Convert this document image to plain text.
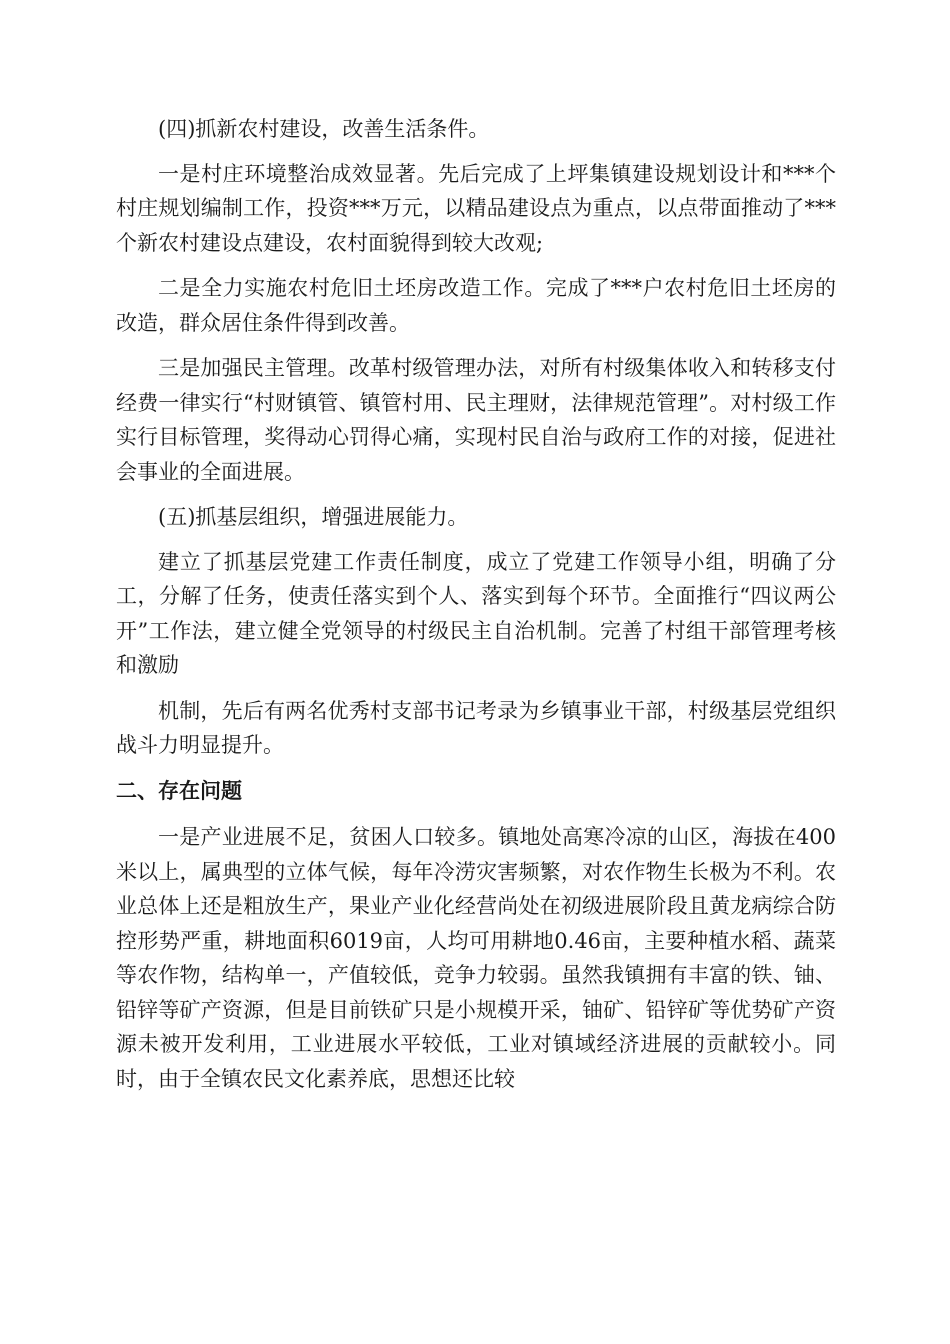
(四)抓新农村建设，改善生活条件。

一是村庄环境整治成效显著。先后完成了上坪集镇建设规划设计和***个村庄规划编制工作，投资***万元，以精品建设点为重点，以点带面推动了***个新农村建设点建设，农村面貌得到较大改观;

二是全力实施农村危旧土坯房改造工作。完成了***户农村危旧土坯房的改造，群众居住条件得到改善。

三是加强民主管理。改革村级管理办法，对所有村级集体收入和转移支付经费一律实行“村财镇管、镇管村用、民主理财，法律规范管理”。对村级工作实行目标管理，奖得动心罚得心痛，实现村民自治与政府工作的对接，促进社会事业的全面进展。

(五)抓基层组织，增强进展能力。

建立了抓基层党建工作责任制度，成立了党建工作领导小组，明确了分工，分解了任务，使责任落实到个人、落实到每个环节。全面推行“四议两公开”工作法，建立健全党领导的村级民主自治机制。完善了村组干部管理考核和激励

机制，先后有两名优秀村支部书记考录为乡镇事业干部，村级基层党组织战斗力明显提升。

二、存在问题

一是产业进展不足，贫困人口较多。镇地处高寒冷凉的山区，海拔在400米以上，属典型的立体气候，每年冷涝灾害频繁，对农作物生长极为不利。农业总体上还是粗放生产，果业产业化经营尚处在初级进展阶段且黄龙病综合防控形势严重，耕地面积6019亩，人均可用耕地0.46亩，主要种植水稻、蔬菜等农作物，结构单一，产值较低，竞争力较弱。虽然我镇拥有丰富的铁、铀、铅锌等矿产资源，但是目前铁矿只是小规模开采，铀矿、铅锌矿等优势矿产资源未被开发利用，工业进展水平较低，工业对镇域经济进展的贡献较小。同时，由于全镇农民文化素养底，思想还比较
